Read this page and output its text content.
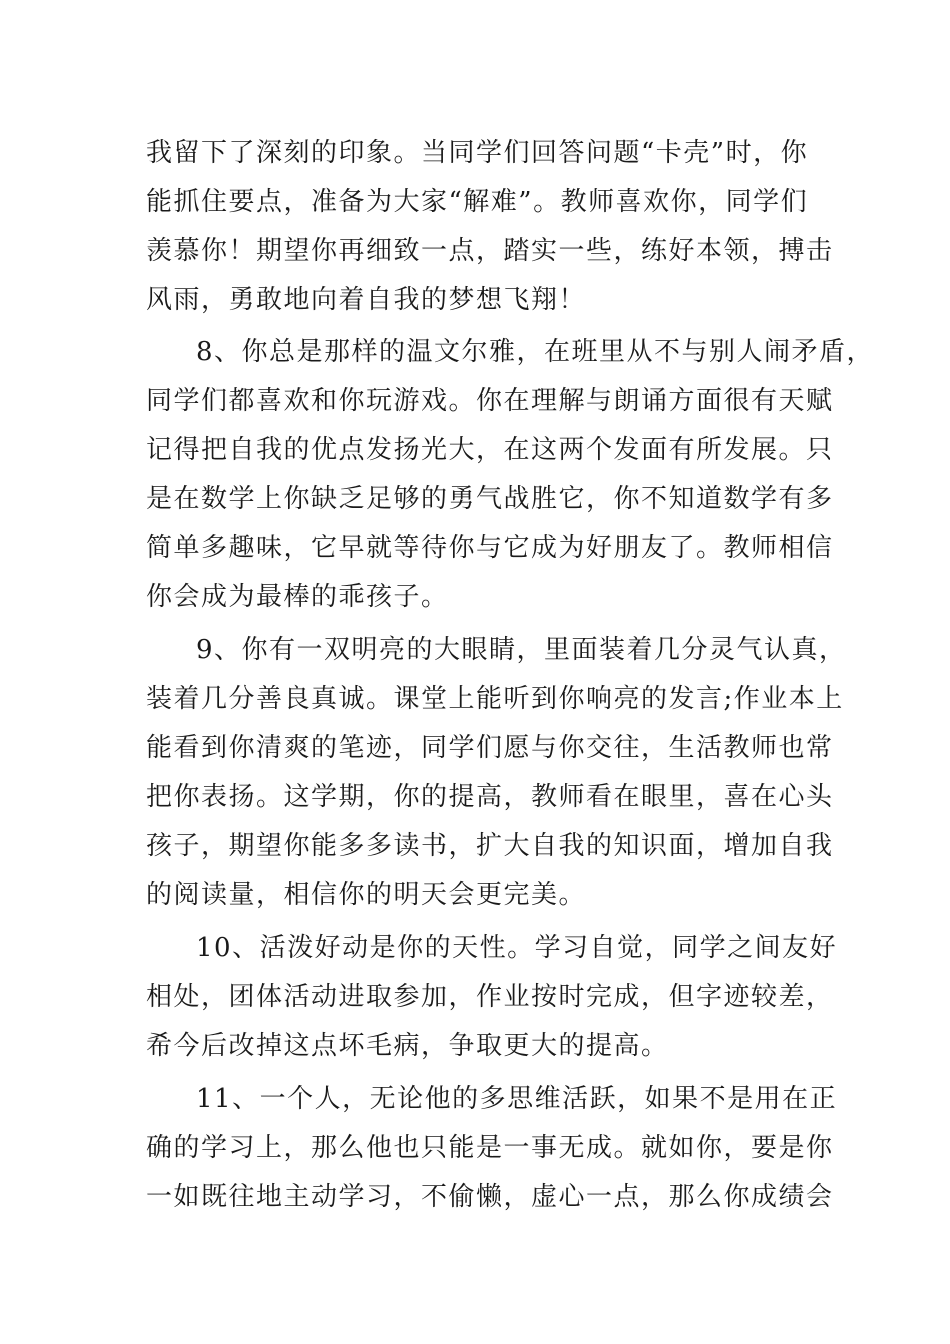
我留下了深刻的印象。当同学们回答问题“卡壳”时，你
能抓住要点，准备为大家“解难”。教师喜欢你，同学们
羡慕你！期望你再细致一点，踏实一些，练好本领，搏击
风雨，勇敢地向着自我的梦想飞翔！
8、你总是那样的温文尔雅，在班里从不与别人闹矛盾，
同学们都喜欢和你玩游戏。你在理解与朗诵方面很有天赋
记得把自我的优点发扬光大，在这两个发面有所发展。只
是在数学上你缺乏足够的勇气战胜它，你不知道数学有多
简单多趣味，它早就等待你与它成为好朋友了。教师相信
你会成为最棒的乖孩子。
9、你有一双明亮的大眼睛，里面装着几分灵气认真，
装着几分善良真诚。课堂上能听到你响亮的发言;作业本上
能看到你清爽的笔迹，同学们愿与你交往，生活教师也常
把你表扬。这学期，你的提高，教师看在眼里，喜在心头
孩子，期望你能多多读书，扩大自我的知识面，增加自我
的阅读量，相信你的明天会更完美。
10、活泼好动是你的天性。学习自觉，同学之间友好
相处，团体活动进取参加，作业按时完成，但字迹较差，
希今后改掉这点坏毛病，争取更大的提高。
11、一个人，无论他的多思维活跃，如果不是用在正
确的学习上，那么他也只能是一事无成。就如你，要是你
一如既往地主动学习，不偷懒，虚心一点，那么你成绩会
